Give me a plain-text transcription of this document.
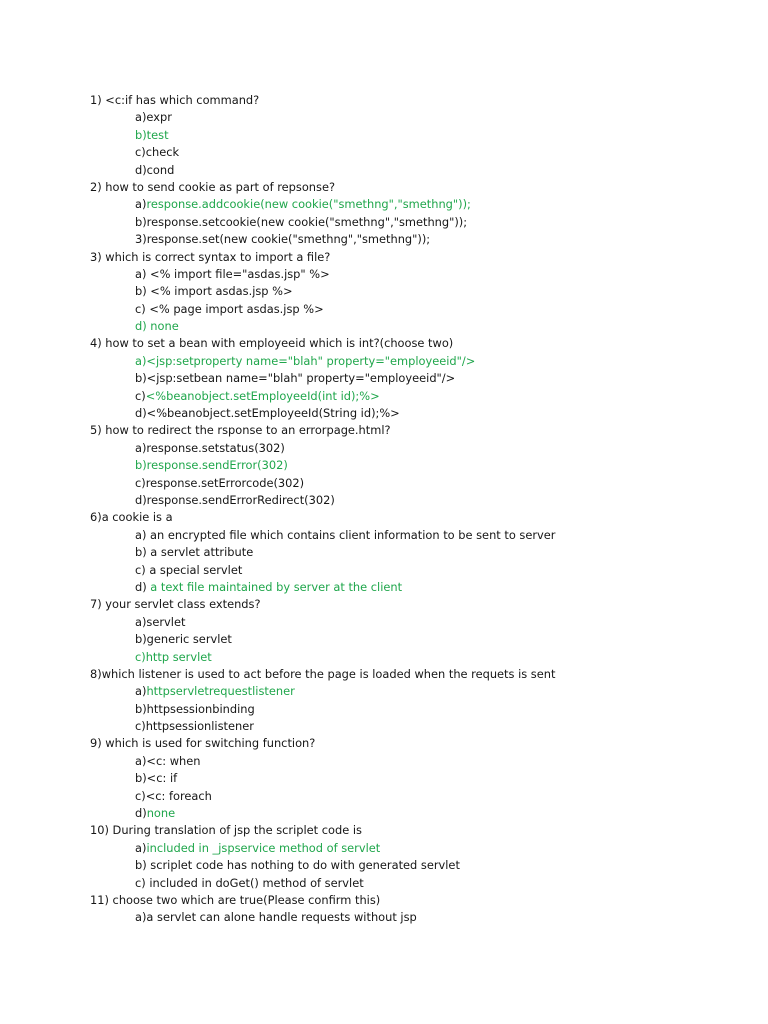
1) <c:if has which command?
a)expr
b)test
c)check
d)cond
2) how to send cookie as part of repsonse?
a)response.addcookie(new cookie("smethng","smethng"));
b)response.setcookie(new cookie("smethng","smethng"));
3)response.set(new cookie("smethng","smethng"));
3) which is correct syntax to import a file?
a) <% import file="asdas.jsp" %>
b) <% import asdas.jsp %>
c) <% page import asdas.jsp %>
d) none
4) how to set a bean with employeeid which is int?(choose two)
a)<jsp:setproperty name="blah" property="employeeid"/>
b)<jsp:setbean name="blah" property="employeeid"/>
c)<%beanobject.setEmployeeId(int id);%>
d)<%beanobject.setEmployeeId(String id);%>
5) how to redirect the rsponse to an errorpage.html?
a)response.setstatus(302)
b)response.sendError(302)
c)response.setErrorcode(302)
d)response.sendErrorRedirect(302)
6)a cookie is a
a) an encrypted file which contains client information to be sent to server
b) a servlet attribute
c) a special servlet
d) a text file maintained by server at the client
7) your servlet class extends?
a)servlet
b)generic servlet
c)http servlet
8)which listener is used to act before the page is loaded when the requets is sent
a)httpservletrequestlistener
b)httpsessionbinding
c)httpsessionlistener
9) which is used for switching function?
a)<c: when
b)<c: if
c)<c: foreach
d)none
10) During translation of jsp the scriplet code is
a)included in _jspservice method of servlet
b) scriplet code has nothing to do with generated servlet
c) included in doGet() method of servlet
11) choose two which are true(Please confirm this)
a)a servlet can alone handle requests without jsp
